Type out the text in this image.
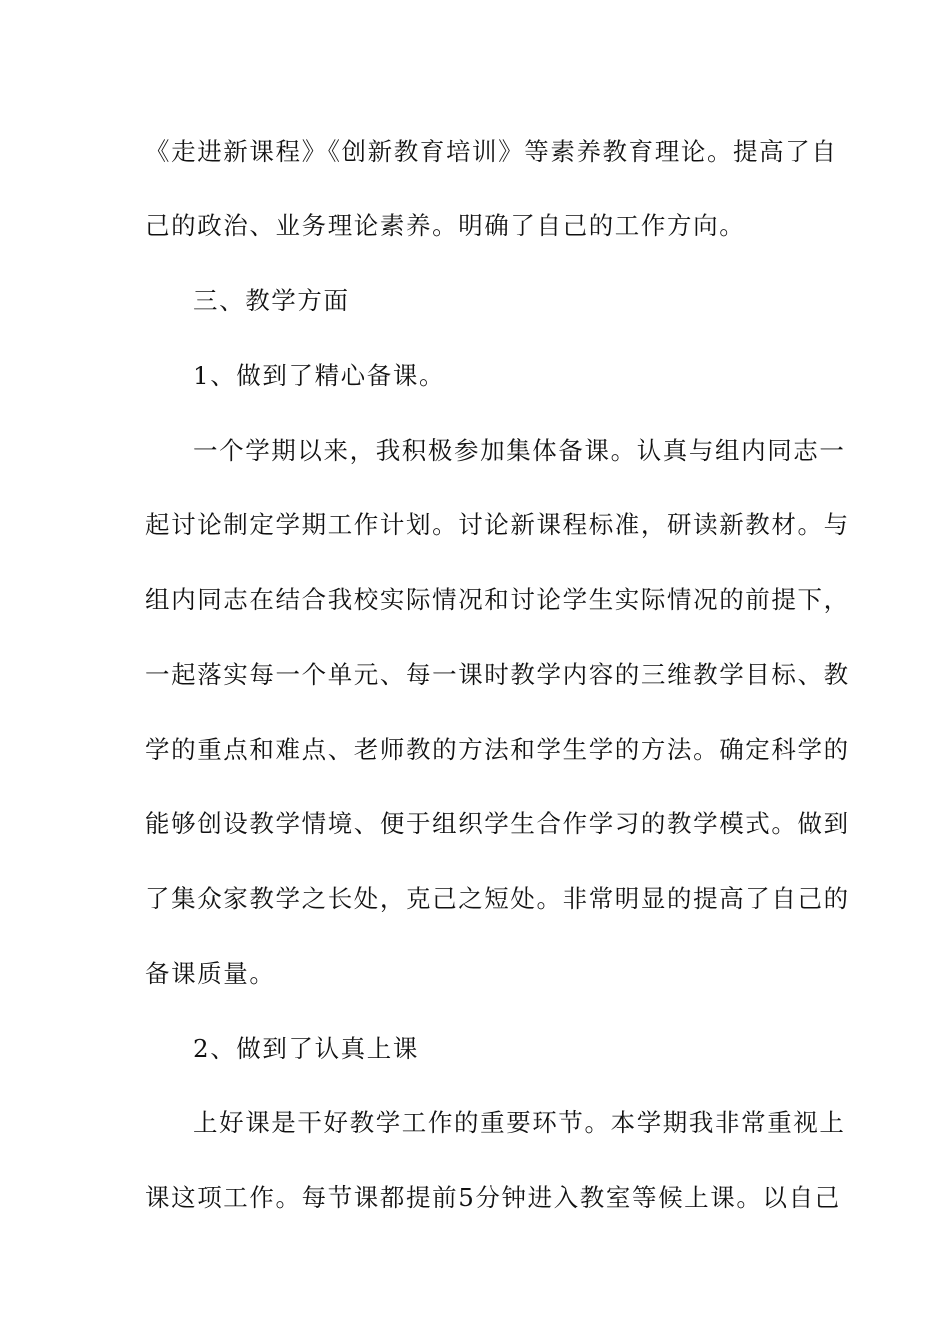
《走进新课程》《创新教育培训》等素养教育理论。提高了自
己的政治、业务理论素养。明确了自己的工作方向。
三、教学方面
1、做到了精心备课。
一个学期以来，我积极参加集体备课。认真与组内同志一
起讨论制定学期工作计划。讨论新课程标准，研读新教材。与
组内同志在结合我校实际情况和讨论学生实际情况的前提下，
一起落实每一个单元、每一课时教学内容的三维教学目标、教
学的重点和难点、老师教的方法和学生学的方法。确定科学的
能够创设教学情境、便于组织学生合作学习的教学模式。做到
了集众家教学之长处，克己之短处。非常明显的提高了自己的
备课质量。
2、做到了认真上课
上好课是干好教学工作的重要环节。本学期我非常重视上
课这项工作。每节课都提前5分钟进入教室等候上课。以自己
